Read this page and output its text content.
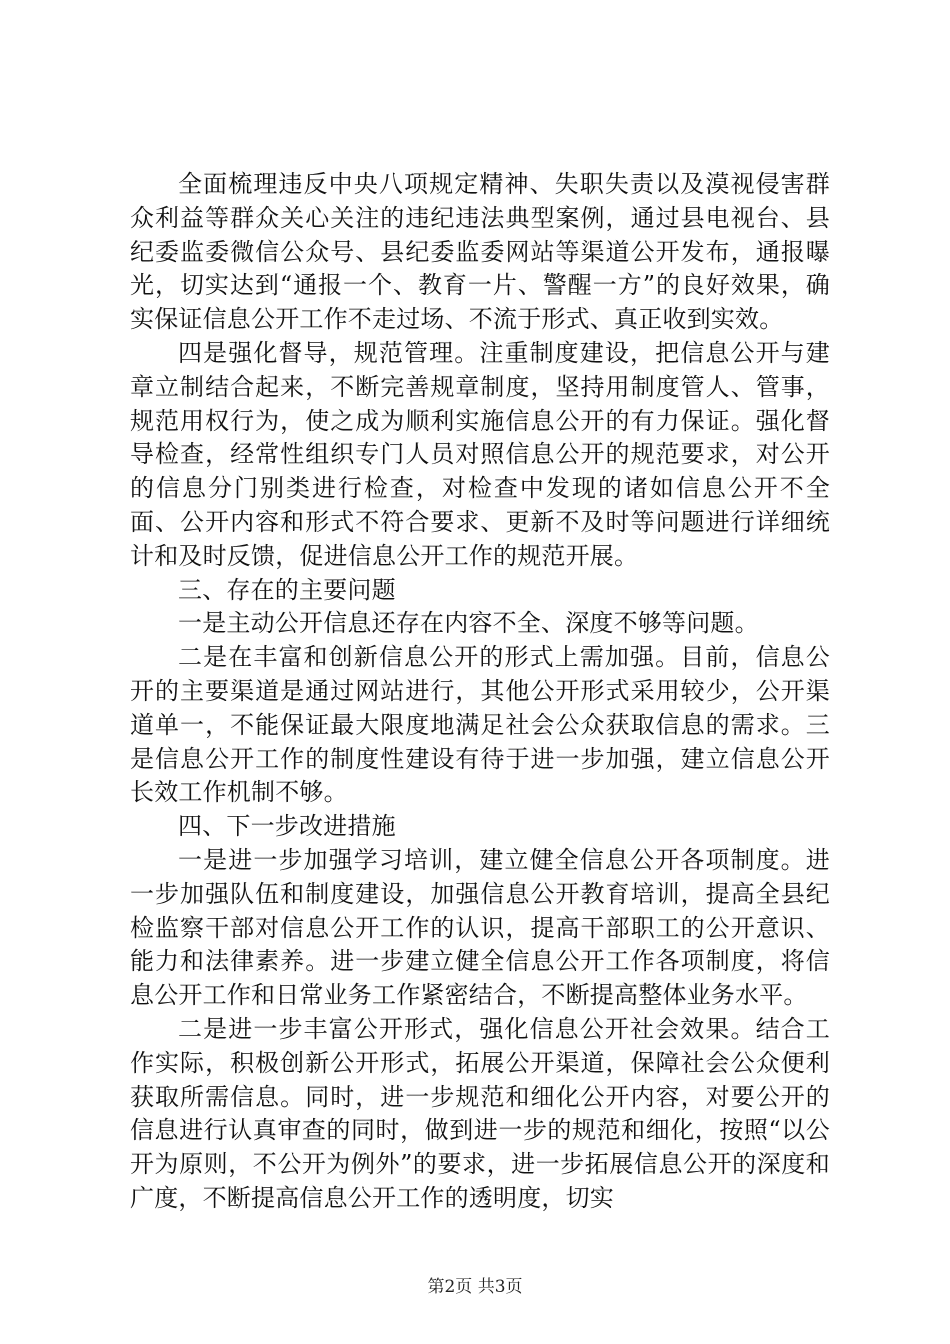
全面梳理违反中央八项规定精神、失职失责以及漠视侵害群众利益等群众关心关注的违纪违法典型案例，通过县电视台、县纪委监委微信公众号、县纪委监委网站等渠道公开发布，通报曝光，切实达到“通报一个、教育一片、警醒一方”的良好效果，确实保证信息公开工作不走过场、不流于形式、真正收到实效。

四是强化督导，规范管理。注重制度建设，把信息公开与建章立制结合起来，不断完善规章制度，坚持用制度管人、管事，规范用权行为，使之成为顺利实施信息公开的有力保证。强化督导检查，经常性组织专门人员对照信息公开的规范要求，对公开的信息分门别类进行检查，对检查中发现的诸如信息公开不全面、公开内容和形式不符合要求、更新不及时等问题进行详细统计和及时反馈，促进信息公开工作的规范开展。

三、存在的主要问题

一是主动公开信息还存在内容不全、深度不够等问题。

二是在丰富和创新信息公开的形式上需加强。目前，信息公开的主要渠道是通过网站进行，其他公开形式采用较少，公开渠道单一，不能保证最大限度地满足社会公众获取信息的需求。三是信息公开工作的制度性建设有待于进一步加强，建立信息公开长效工作机制不够。

四、下一步改进措施

一是进一步加强学习培训，建立健全信息公开各项制度。进一步加强队伍和制度建设，加强信息公开教育培训，提高全县纪检监察干部对信息公开工作的认识，提高干部职工的公开意识、能力和法律素养。进一步建立健全信息公开工作各项制度，将信息公开工作和日常业务工作紧密结合，不断提高整体业务水平。

二是进一步丰富公开形式，强化信息公开社会效果。结合工作实际，积极创新公开形式，拓展公开渠道，保障社会公众便利获取所需信息。同时，进一步规范和细化公开内容，对要公开的信息进行认真审查的同时，做到进一步的规范和细化，按照“以公开为原则，不公开为例外”的要求，进一步拓展信息公开的深度和广度，不断提高信息公开工作的透明度，切实

第2页 共3页
